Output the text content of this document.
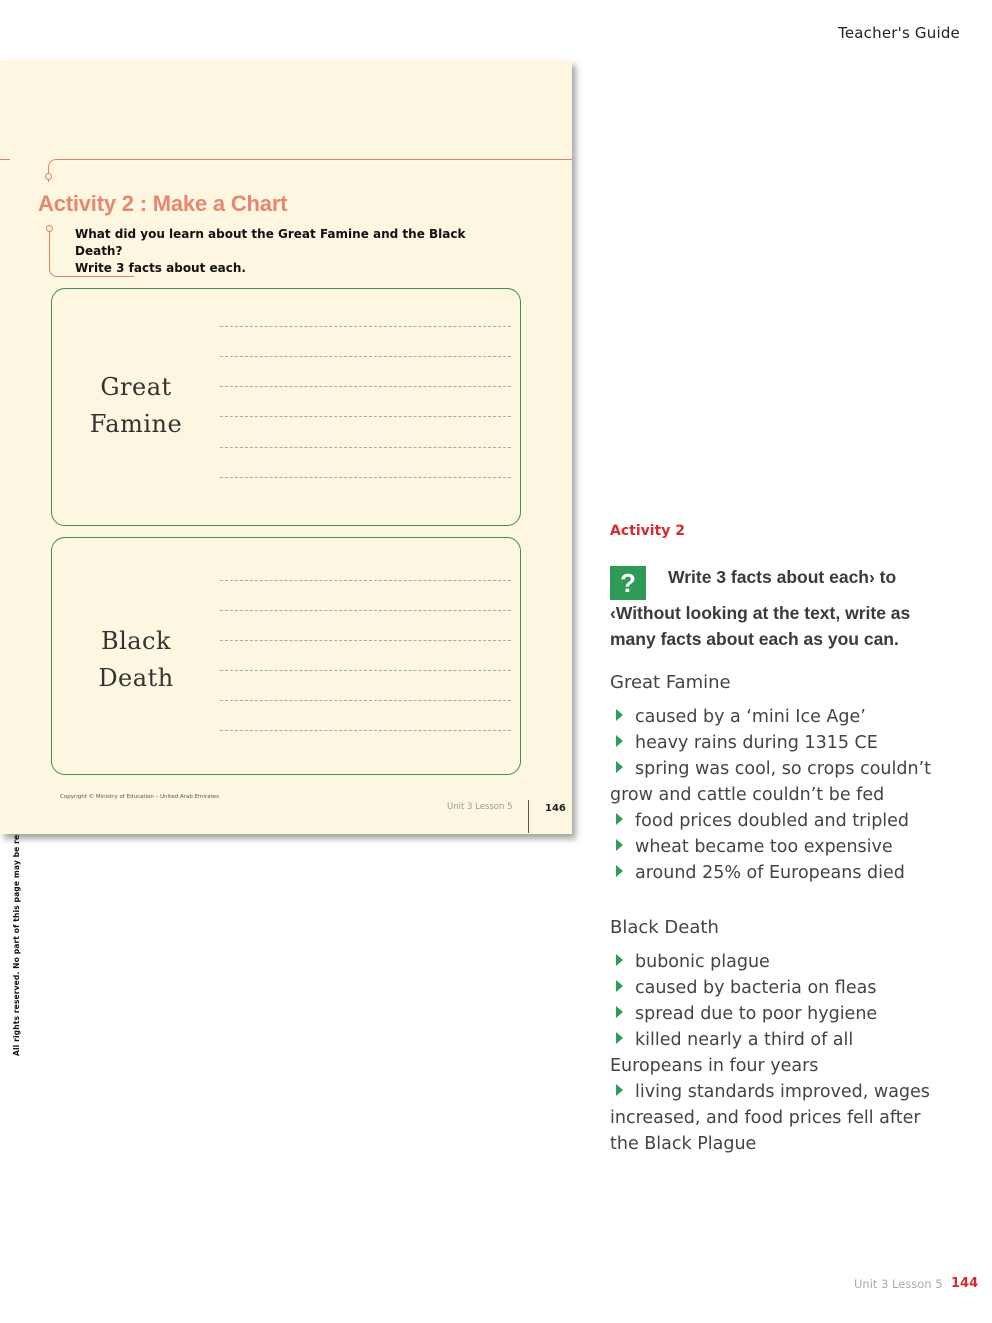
Teacher's Guide
Activity 2 : Make a Chart
What did you learn about the Great Famine and the Black Death?
Write 3 facts about each.
Great
Famine
Black
Death
Copyright © Ministry of Education – United Arab Emirates
Unit 3 Lesson 5	146
Activity 2
? Write 3 facts about each› to ‹Without looking at the text, write as many facts about each as you can.
Great Famine
caused by a ‘mini Ice Age’
heavy rains during 1315 CE
spring was cool, so crops couldn’t
grow and cattle couldn’t be fed
food prices doubled and tripled
wheat became too expensive
around 25% of Europeans died
Black Death
bubonic plague
caused by bacteria on fleas
spread due to poor hygiene
killed nearly a third of all
Europeans in four years
living standards improved, wages
increased, and food prices fell after
the Black Plague
Unit 3 Lesson 5 144
